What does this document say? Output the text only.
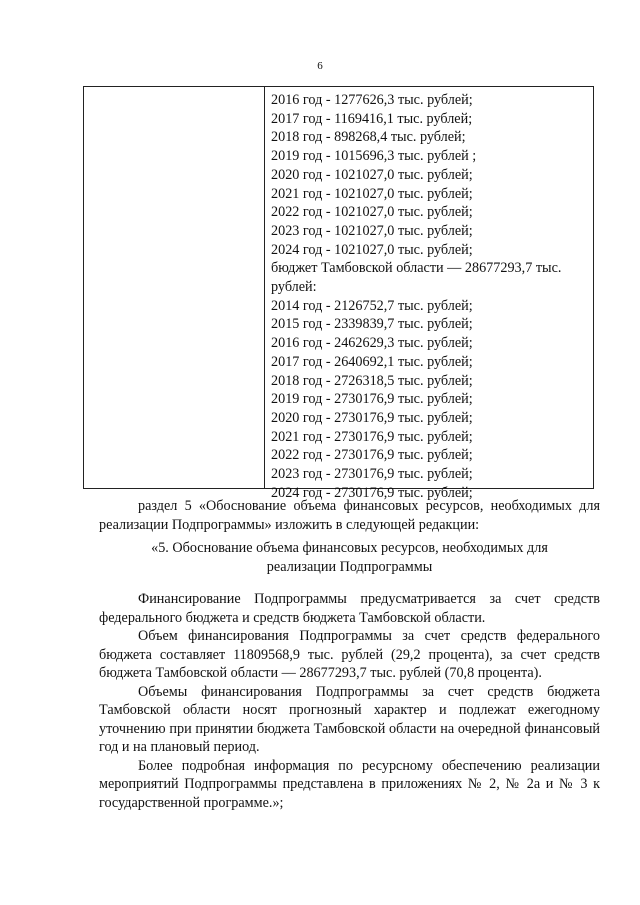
6
2016 год - 1277626,3 тыс. рублей;
2017 год - 1169416,1 тыс. рублей;
2018 год - 898268,4 тыс. рублей;
2019 год - 1015696,3 тыс. рублей ;
2020 год - 1021027,0 тыс. рублей;
2021 год - 1021027,0 тыс. рублей;
2022 год - 1021027,0 тыс. рублей;
2023 год - 1021027,0 тыс. рублей;
2024 год - 1021027,0 тыс. рублей;
бюджет Тамбовской области — 28677293,7 тыс. рублей:
2014 год - 2126752,7 тыс. рублей;
2015 год - 2339839,7 тыс. рублей;
2016 год - 2462629,3 тыс. рублей;
2017 год - 2640692,1 тыс. рублей;
2018 год - 2726318,5 тыс. рублей;
2019 год - 2730176,9 тыс. рублей;
2020 год - 2730176,9 тыс. рублей;
2021 год - 2730176,9 тыс. рублей;
2022 год - 2730176,9 тыс. рублей;
2023 год - 2730176,9 тыс. рублей;
2024 год - 2730176,9 тыс. рублей;

раздел 5 «Обоснование объема финансовых ресурсов, необходимых для реализации Подпрограммы» изложить в следующей редакции:

«5. Обоснование объема финансовых ресурсов, необходимых для
реализации Подпрограммы

Финансирование Подпрограммы предусматривается за счет средств федерального бюджета и средств бюджета Тамбовской области.

Объем финансирования Подпрограммы за счет средств федерального бюджета составляет 11809568,9 тыс. рублей (29,2 процента), за счет средств бюджета Тамбовской области — 28677293,7 тыс. рублей (70,8 процента).

Объемы финансирования Подпрограммы за счет средств бюджета Тамбовской области носят прогнозный характер и подлежат ежегодному уточнению при принятии бюджета Тамбовской области на очередной финансовый год и на плановый период.

Более подробная информация по ресурсному обеспечению реализации мероприятий Подпрограммы представлена в приложениях № 2, № 2а и № 3 к государственной программе.»;
